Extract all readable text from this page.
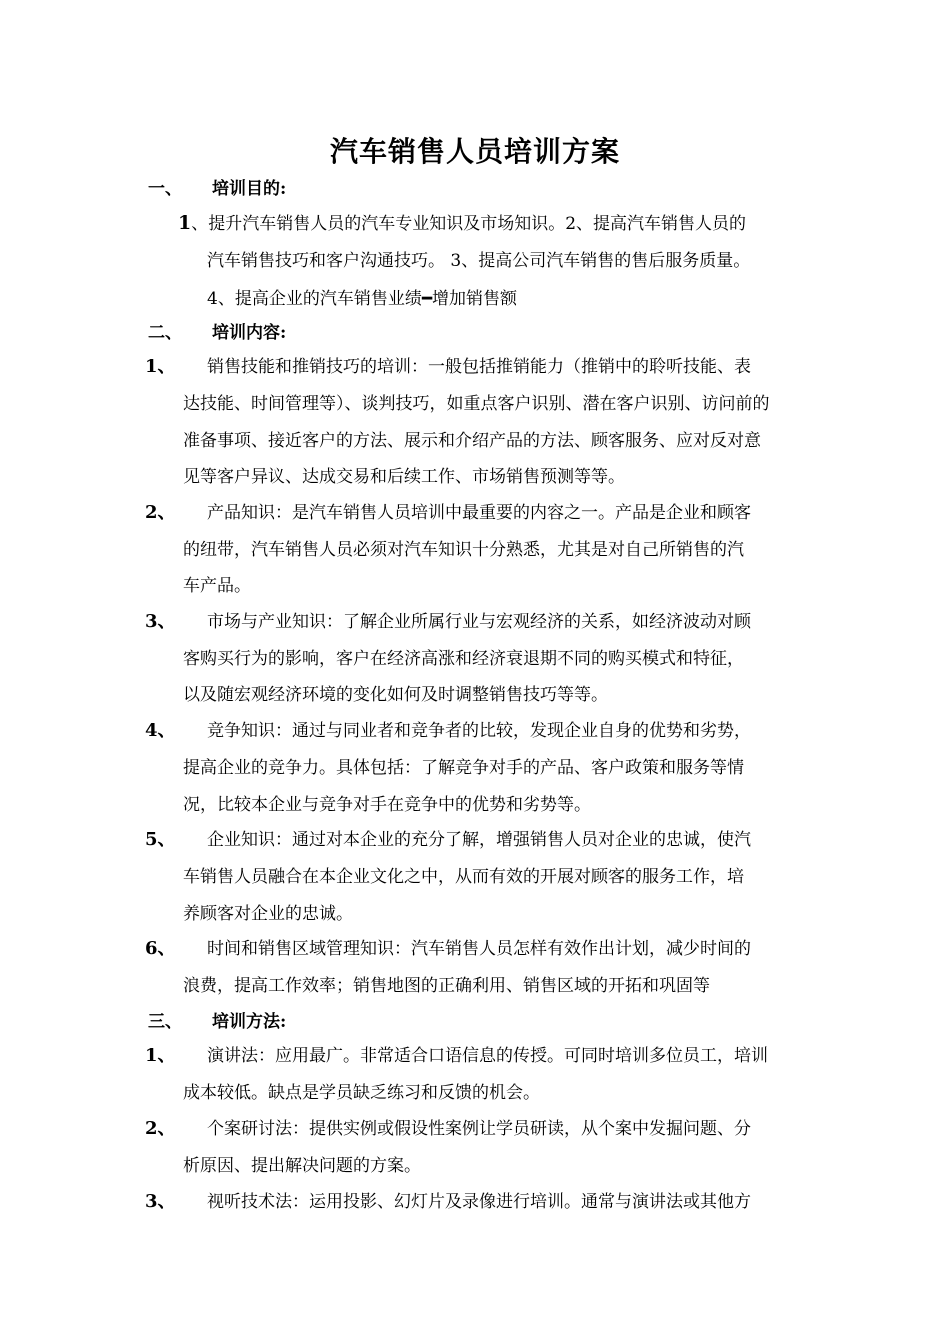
汽车销售人员培训方案
一、 培训目的:
1、提升汽车销售人员的汽车专业知识及市场知识。2、提高汽车销售人员的
汽车销售技巧和客户沟通技巧。 3、提高公司汽车销售的售后服务质量。
4、提高企业的汽车销售业绩━增加销售额
二、 培训内容:
1、 销售技能和推销技巧的培训：一般包括推销能力（推销中的聆听技能、表
达技能、时间管理等）、谈判技巧，如重点客户识别、潜在客户识别、访问前的
准备事项、接近客户的方法、展示和介绍产品的方法、顾客服务、应对反对意
见等客户异议、达成交易和后续工作、市场销售预测等等。
2、 产品知识：是汽车销售人员培训中最重要的内容之一。产品是企业和顾客
的纽带，汽车销售人员必须对汽车知识十分熟悉，尤其是对自己所销售的汽
车产品。
3、 市场与产业知识：了解企业所属行业与宏观经济的关系，如经济波动对顾
客购买行为的影响，客户在经济高涨和经济衰退期不同的购买模式和特征，
以及随宏观经济环境的变化如何及时调整销售技巧等等。
4、 竞争知识：通过与同业者和竞争者的比较，发现企业自身的优势和劣势，
提高企业的竞争力。具体包括：了解竞争对手的产品、客户政策和服务等情
况，比较本企业与竞争对手在竞争中的优势和劣势等。
5、 企业知识：通过对本企业的充分了解，增强销售人员对企业的忠诚，使汽
车销售人员融合在本企业文化之中，从而有效的开展对顾客的服务工作，培
养顾客对企业的忠诚。
6、 时间和销售区域管理知识：汽车销售人员怎样有效作出计划，减少时间的
浪费，提高工作效率；销售地图的正确利用、销售区域的开拓和巩固等
三、 培训方法:
1、 演讲法：应用最广。非常适合口语信息的传授。可同时培训多位员工，培训
成本较低。缺点是学员缺乏练习和反馈的机会。
2、 个案研讨法：提供实例或假设性案例让学员研读，从个案中发掘问题、分
析原因、提出解决问题的方案。
3、 视听技术法：运用投影、幻灯片及录像进行培训。通常与演讲法或其他方
